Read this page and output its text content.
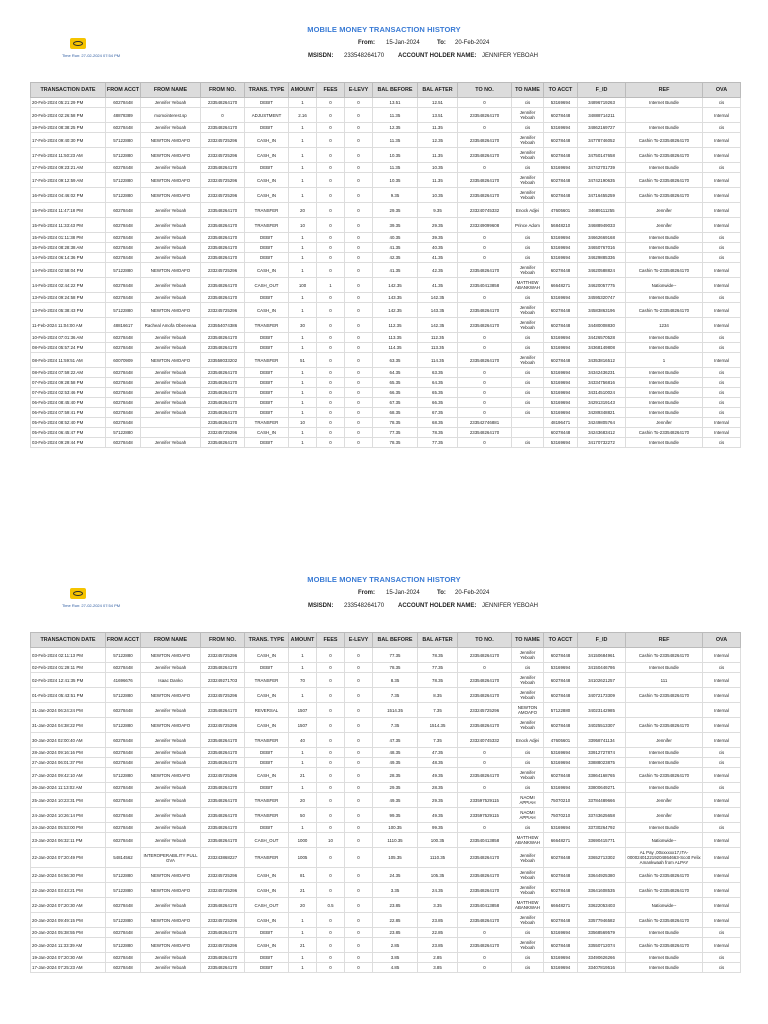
Time Run: 27-02-2024 07:54 PM
MOBILE MONEY TRANSACTION HISTORY
From: 15-Jan-2024	To: 20-Feb-2024
MSISDN: 233548264170 ACCOUNT HOLDER NAME: JENNIFER YEBOAH
TRANSACTION DATE	FROM ACCT	FROM NAME	FROM NO.	TRANS. TYPE	AMOUNT	FEES	E-LEVY	BAL BEFORE	BAL AFTER	TO NO.	TO NAME	TO ACCT	F_ID	REF	OVA
20-Feb-2024 05:21:29 PM	60278448	Jennifer Yeboah	233548264170	DEBIT	1	0	0	13.51	12.51	0	cis	53169694	34896719263	Internet Bundle	cis
20-Feb-2024 02:26:58 PM	48878389	momointerest.sp	0	ADJUSTMENT	2.16	0	0	11.35	13.51	233548264170	Jennifer Yeboah	60278448	34888714211		Internal
19-Feb-2024 08:38:25 PM	60278448	Jennifer Yeboah	233548264170	DEBIT	1	0	0	12.35	11.35	0	cis	53169694	34862169727	Internet Bundle	cis
17-Feb-2024 09:40:30 PM	57122880	NEWTON AMOAFO	233245725296	CASH_IN	1	0	0	11.35	12.35	233548264170	Jennifer Yeboah	60278448	34778746052	Cashin To-233548264170	Internal
17-Feb-2024 11:50:23 AM	57122880	NEWTON AMOAFO	233245725296	CASH_IN	1	0	0	10.35	11.35	233548264170	Jennifer Yeboah	60278448	34750147658	Cashin To-233548264170	Internal
17-Feb-2024 09:23:21 AM	60278448	Jennifer Yeboah	233548264170	DEBIT	1	0	0	11.35	10.35	0	cis	53169694	34742701739	Internet Bundle	cis
17-Feb-2024 09:12:59 AM	57122880	NEWTON AMOAFO	233245725296	CASH_IN	1	0	0	10.35	11.35	233548264170	Jennifer Yeboah	60278448	34742190635	Cashin To-233548264170	Internal
16-Feb-2024 04:46:02 PM	57122880	NEWTON AMOAFO	233245725296	CASH_IN	1	0	0	9.35	10.35	233548264170	Jennifer Yeboah	60278448	34716455259	Cashin To-233548264170	Internal
15-Feb-2024 11:47:18 PM	60278448	Jennifer Yeboah	233548264170	TRANSFER	20	0	0	29.35	9.35	233240745332	Enock Adjei	47605601	34689111255	Jennifer	Internal
15-Feb-2024 11:33:43 PM	60278448	Jennifer Yeboah	233548264170	TRANSFER	10	0	0	39.35	29.35	233249099608	Prince Adom	56848210	34688949033	Jennifer	Internal
15-Feb-2024 01:11:38 PM	60278448	Jennifer Yeboah	233548264170	DEBIT	1	0	0	40.35	39.35	0	cis	53169694	34662669168	Internet Bundle	cis
15-Feb-2024 08:28:38 AM	60278448	Jennifer Yeboah	233548264170	DEBIT	1	0	0	41.35	40.35	0	cis	53169694	34650767016	Internet Bundle	cis
14-Feb-2024 06:14:36 PM	60278448	Jennifer Yeboah	233548264170	DEBIT	1	0	0	42.35	41.35	0	cis	53169694	34629885336	Internet Bundle	cis
14-Feb-2024 02:58:04 PM	57122880	NEWTON AMOAFO	233245725296	CASH_IN	1	0	0	41.35	42.35	233548264170	Jennifer Yeboah	60278448	34620588824	Cashin To-233548264170	Internal
14-Feb-2024 02:44:22 PM	60278448	Jennifer Yeboah	233548264170	CASH_OUT	100	1	0	142.35	41.35	233540413858	MATTHEW ABANKWAH	66648271	34620057775	Nationwide--	Internal
13-Feb-2024 09:24:58 PM	60278448	Jennifer Yeboah	233548264170	DEBIT	1	0	0	143.35	142.35	0	cis	53169694	34595320747	Internet Bundle	cis
13-Feb-2024 05:38:43 PM	57122880	NEWTON AMOAFO	233245725296	CASH_IN	1	0	0	142.35	143.35	233548264170	Jennifer Yeboah	60278448	34583863196	Cashin To-233548264170	Internal
11-Feb-2024 11:04:00 AM	48816617	Racheal Amofa Obeneeaa	233554074386	TRANSFER	30	0	0	112.35	142.35	233548264170	Jennifer Yeboah	60278448	34480008830	1234	Internal
10-Feb-2024 07:01:36 AM	60278448	Jennifer Yeboah	233548264170	DEBIT	1	0	0	113.35	112.35	0	cis	53169694	34426570528	Internet Bundle	cis
08-Feb-2024 05:57:24 PM	60278448	Jennifer Yeboah	233548264170	DEBIT	1	0	0	114.35	113.35	0	cis	53169694	34368149808	Internet Bundle	cis
08-Feb-2024 11:59:51 AM	60070909	NEWTON AMOAFO	233558033202	TRANSFER	51	0	0	63.35	114.35	233548264170	Jennifer Yeboah	60278448	34353816512	1	Internal
08-Feb-2024 07:59:22 AM	60278448	Jennifer Yeboah	233548264170	DEBIT	1	0	0	64.35	63.35	0	cis	53169694	34342436231	Internet Bundle	cis
07-Feb-2024 09:28:58 PM	60278448	Jennifer Yeboah	233548264170	DEBIT	1	0	0	65.35	64.35	0	cis	53169694	34334756816	Internet Bundle	cis
07-Feb-2024 02:53:46 PM	60278448	Jennifer Yeboah	233548264170	DEBIT	1	0	0	66.35	65.35	0	cis	53169694	34314510024	Internet Bundle	cis
06-Feb-2024 08:45:40 PM	60278448	Jennifer Yeboah	233548264170	DEBIT	1	0	0	67.35	66.35	0	cis	53169694	34291319143	Internet Bundle	cis
06-Feb-2024 07:59:41 PM	60278448	Jennifer Yeboah	233548264170	DEBIT	1	0	0	68.35	67.35	0	cis	53169694	34289348821	Internet Bundle	cis
05-Feb-2024 08:52:40 PM	60278448		233548264170	TRANSFER	10	0	0	78.35	68.35	233542746881		48196471	34249805764	Jennifer	Internal
05-Feb-2024 06:45:47 PM	57122880		233245725296	CASH_IN	1	0	0	77.35	78.35	233548264170		60278448	34243683412	Cashin To-233548264170	Internal
03-Feb-2024 09:29:44 PM	60278448	Jennifer Yeboah	233548264170	DEBIT	1	0	0	78.35	77.35	0	cis	53169694	34170732272	Internet Bundle	cis
Time Run: 27-02-2024 07:54 PM
MOBILE MONEY TRANSACTION HISTORY
From: 15-Jan-2024	To: 20-Feb-2024
MSISDN: 233548264170 ACCOUNT HOLDER NAME: JENNIFER YEBOAH
TRANSACTION DATE	FROM ACCT	FROM NAME	FROM NO.	TRANS. TYPE	AMOUNT	FEES	E-LEVY	BAL BEFORE	BAL AFTER	TO NO.	TO NAME	TO ACCT	F_ID	REF	OVA
03-Feb-2024 02:11:13 PM	57122880	NEWTON AMOAFO	233245725296	CASH_IN	1	0	0	77.35	78.35	233548264170	Jennifer Yeboah	60278448	34150684961	Cashin To-233548264170	Internal
02-Feb-2024 01:29:11 PM	60278448	Jennifer Yeboah	233548264170	DEBIT	1	0	0	78.35	77.35	0	cis	53169694	34150446786	Internet Bundle	cis
02-Feb-2024 12:41:35 PM	41696676	Isaac Danko	233249271703	TRANSFER	70	0	0	8.35	78.35	233548264170	Jennifer Yeboah	60278448	34102621257	111	Internal
01-Feb-2024 05:43:51 PM	57122880	NEWTON AMOAFO	233245725296	CASH_IN	1	0	0	7.35	8.35	233548264170	Jennifer Yeboah	60278448	34072173309	Cashin To-233548264170	Internal
31-Jan-2024 06:24:24 PM	60278448	Jennifer Yeboah	233548264170	REVERSAL	1507	0	0	1514.35	7.35	233245725296	NEWTON AMOAFO	57122880	34023142985		Internal
31-Jan-2024 04:38:22 PM	57122880	NEWTON AMOAFO	233245725296	CASH_IN	1507	0	0	7.35	1514.35	233548264170	Jennifer Yeboah	60278448	34025513307	Cashin To-233548264170	Internal
30-Jan-2024 02:00:40 AM	60278448	Jennifer Yeboah	233548264170	TRANSFER	40	0	0	47.35	7.35	233240745332	Enock Adjei	47605601	33958741134	Jennifer	Internal
28-Jan-2024 09:16:16 PM	60278448	Jennifer Yeboah	233548264170	DEBIT	1	0	0	48.35	47.35	0	cis	53169694	33912727874	Internet Bundle	cis
27-Jan-2024 06:01:37 PM	60278448	Jennifer Yeboah	233548264170	DEBIT	1	0	0	49.35	48.35	0	cis	53169694	33888023875	Internet Bundle	cis
27-Jan-2024 09:42:10 AM	57122880	NEWTON AMOAFO	233245725296	CASH_IN	21	0	0	28.35	49.35	233548264170	Jennifer Yeboah	60278448	33864168765	Cashin To-233548264170	Internal
26-Jan-2024 11:13:02 AM	60278448	Jennifer Yeboah	233548264170	DEBIT	1	0	0	29.35	28.35	0	cis	53169694	33800649271	Internet Bundle	cis
25-Jan-2024 10:23:31 PM	60278448	Jennifer Yeboah	233548264170	TRANSFER	20	0	0	49.35	29.35	233597529115	NAOMI APPIAH	75070210	33784489666	Jennifer	Internal
24-Jan-2024 10:26:14 PM	60278448	Jennifer Yeboah	233548264170	TRANSFER	50	0	0	99.35	49.35	233597529115	NAOMI APPIAH	75070210	33743625658	Jennifer	Internal
24-Jan-2024 05:53:00 PM	60278448	Jennifer Yeboah	233548264170	DEBIT	1	0	0	100.35	99.35	0	cis	53169694	33730264792	Internet Bundle	cis
23-Jan-2024 06:32:11 PM	60278448	Jennifer Yeboah	233548264170	CASH_OUT	1000	10	0	1110.35	100.35	233540413858	MATTHEW ABANKWAH	66648271	33690415771	Nationwide--	Internal
22-Jan-2024 07:20:49 PM	54814562	INTEROPERABILITY PULL GVA	233243868227	TRANSFER	1005	0	0	105.35	1110.35	233548264170	Jennifer Yeboah	60278448	33652713302	AL Pay ,00xxxxxx17,ITA-000024012219204864663-Scott Felix Amankwaah from ALPAY	Internal
22-Jan-2024 04:56:30 PM	57122880	NEWTON AMOAFO	233245725296	CASH_IN	81	0	0	24.35	105.35	233548264170	Jennifer Yeboah	60278448	33644925380	Cashin To-233548264170	Internal
22-Jan-2024 03:43:21 PM	57122880	NEWTON AMOAFO	233245725296	CASH_IN	21	0	0	3.35	24.35	233548264170	Jennifer Yeboah	60278448	33641608535	Cashin To-233548264170	Internal
22-Jan-2024 07:20:30 AM	60278448	Jennifer Yeboah	233548264170	CASH_OUT	20	0.5	0	23.85	3.35	233540413858	MATTHEW ABANKWAH	66648271	33622053403	Nationwide--	Internal
20-Jan-2024 09:49:15 PM	57122880	NEWTON AMOAFO	233245725296	CASH_IN	1	0	0	22.85	23.85	233548264170	Jennifer Yeboah	60278448	33577946582	Cashin To-233548264170	Internal
20-Jan-2024 05:38:55 PM	60278448	Jennifer Yeboah	233548264170	DEBIT	1	0	0	23.85	22.85	0	cis	53169694	33568569579	Internet Bundle	cis
20-Jan-2024 11:33:39 AM	57122880	NEWTON AMOAFO	233245725296	CASH_IN	21	0	0	2.85	23.85	233548264170	Jennifer Yeboah	60278448	33550712074	Cashin To-233548264170	Internal
19-Jan-2024 07:20:30 AM	60278448	Jennifer Yeboah	233548264170	DEBIT	1	0	0	3.85	2.85	0	cis	53169694	33490626266	Internet Bundle	cis
17-Jan-2024 07:25:23 AM	60278448	Jennifer Yeboah	233548264170	DEBIT	1	0	0	4.85	3.85	0	cis	53169694	33407819516	Internet Bundle	cis
